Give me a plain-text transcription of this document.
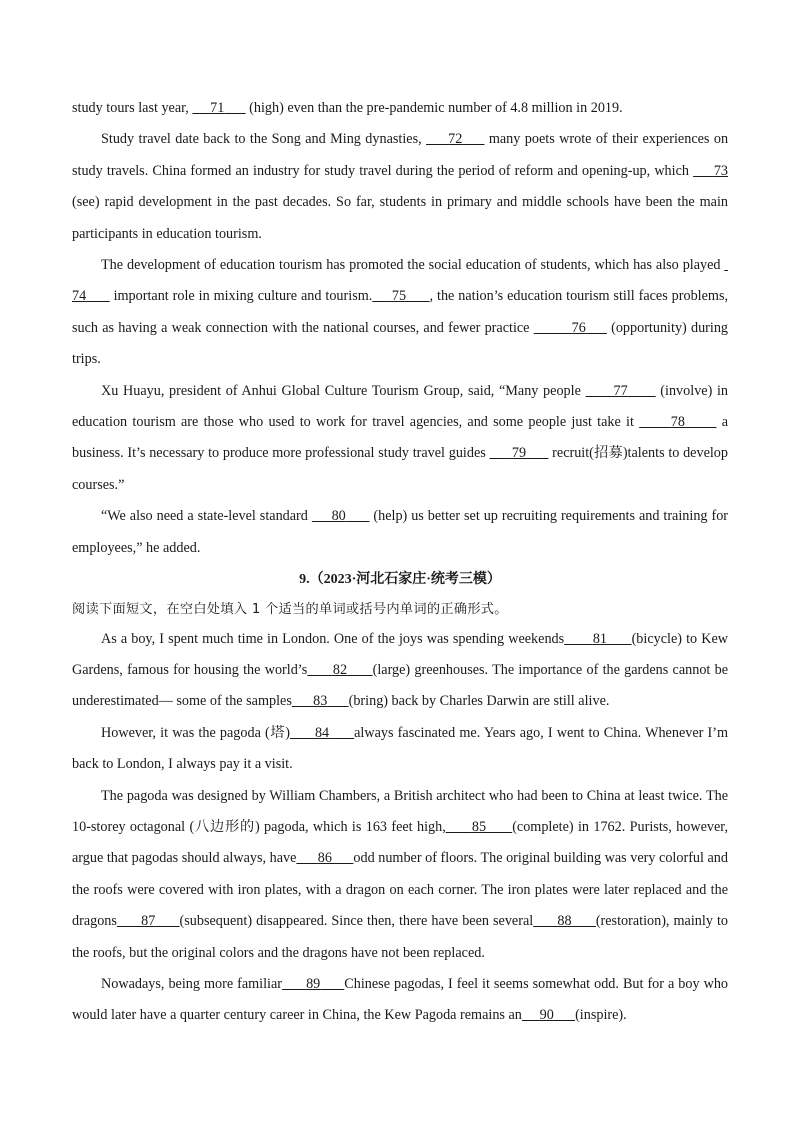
study tours last year,      71       (high) even than the pre-pandemic number of 4.8 million in 2019.

Study travel date back to the Song and Ming dynasties,      72      many poets wrote of their experiences on study travels. China formed an industry for study travel during the period of reform and opening-up, which      73 (see) rapid development in the past decades. So far, students in primary and middle schools have been the main participants in education tourism.

The development of education tourism has promoted the social education of students, which has also played   74       important role in mixing culture and tourism. 75 , the nation’s education tourism still faces problems, such as having a weak connection with the national courses, and fewer practice	76      (opportunity) during trips.

Xu Huayu, president of Anhui Global Culture Tourism Group, said, “Many people       77       (involve) in education tourism are those who used to work for travel agencies, and some people just take it       78       a business. It’s necessary to produce more professional study travel guides       79       recruit(招募)talents to develop courses.”

“We also need a state-level standard      80       (help) us better set up recruiting requirements and training for employees,” he added.

9.（2023·河北石家庄·统考三模）

阅读下面短文，在空白处填入 1 个适当的单词或括号内单词的正确形式。

As a boy, I spent much time in London. One of the joys was spending weekends 81 (bicycle) to Kew Gardens, famous for housing the world’s 82 (large) greenhouses. The importance of the gardens cannot be underestimated— some of the samples 83 (bring) back by Charles Darwin are still alive.

However, it was the pagoda (塔) 84 always fascinated me. Years ago, I went to China. Whenever I’m back to London, I always pay it a visit.

The pagoda was designed by William Chambers, a British architect who had been to China at least twice. The 10-storey octagonal (八边形的) pagoda, which is 163 feet high, 85 (complete) in 1762. Purists, however, argue that pagodas should always, have 86 odd number of floors. The original building was very colorful and the roofs were covered with iron plates, with a dragon on each corner. The iron plates were later replaced and the dragons 87 (subsequent) disappeared. Since then, there have been several 88 (restoration), mainly to the roofs, but the original colors and the dragons have not been replaced.

Nowadays, being more familiar 89 Chinese pagodas, I feel it seems somewhat odd. But for a boy who would later have a quarter century career in China, the Kew Pagoda remains an 90 (inspire).
